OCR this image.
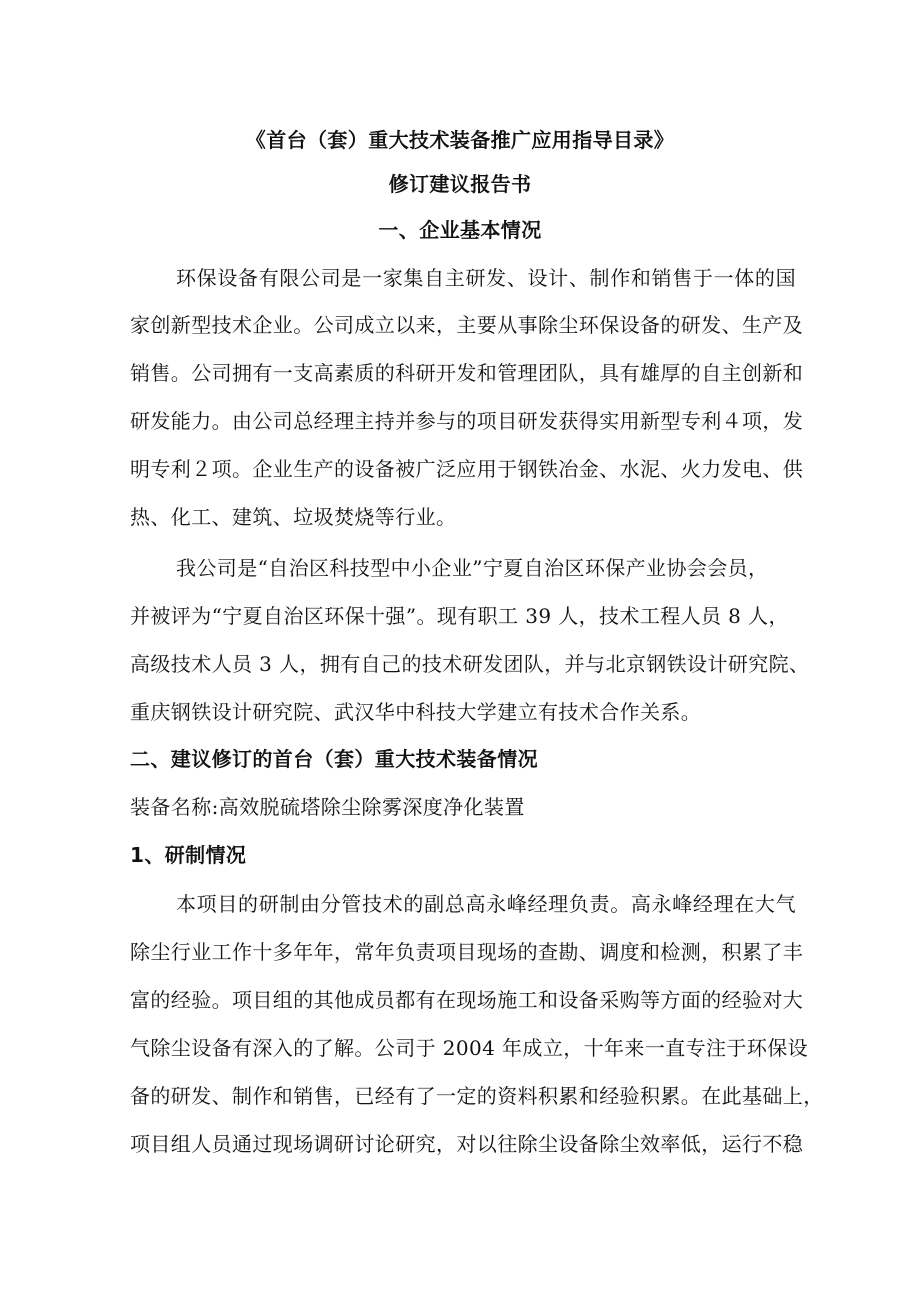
《首台（套）重大技术装备推广应用指导目录》
修订建议报告书
一、企业基本情况
环保设备有限公司是一家集自主研发、设计、制作和销售于一体的国
家创新型技术企业。公司成立以来，主要从事除尘环保设备的研发、生产及
销售。公司拥有一支高素质的科研开发和管理团队，具有雄厚的自主创新和
研发能力。由公司总经理主持并参与的项目研发获得实用新型专利４项，发
明专利２项。企业生产的设备被广泛应用于钢铁冶金、水泥、火力发电、供
热、化工、建筑、垃圾焚烧等行业。
我公司是“自治区科技型中小企业”宁夏自治区环保产业协会会员，
并被评为“宁夏自治区环保十强”。现有职工 39 人，技术工程人员 8 人，
高级技术人员 3 人，拥有自己的技术研发团队，并与北京钢铁设计研究院、
重庆钢铁设计研究院、武汉华中科技大学建立有技术合作关系。
二、建议修订的首台（套）重大技术装备情况
装备名称:高效脱硫塔除尘除雾深度净化装置
1、研制情况
本项目的研制由分管技术的副总高永峰经理负责。高永峰经理在大气
除尘行业工作十多年年，常年负责项目现场的查勘、调度和检测，积累了丰
富的经验。项目组的其他成员都有在现场施工和设备采购等方面的经验对大
气除尘设备有深入的了解。公司于 2004 年成立，十年来一直专注于环保设
备的研发、制作和销售，已经有了一定的资料积累和经验积累。在此基础上，
项目组人员通过现场调研讨论研究，对以往除尘设备除尘效率低，运行不稳
